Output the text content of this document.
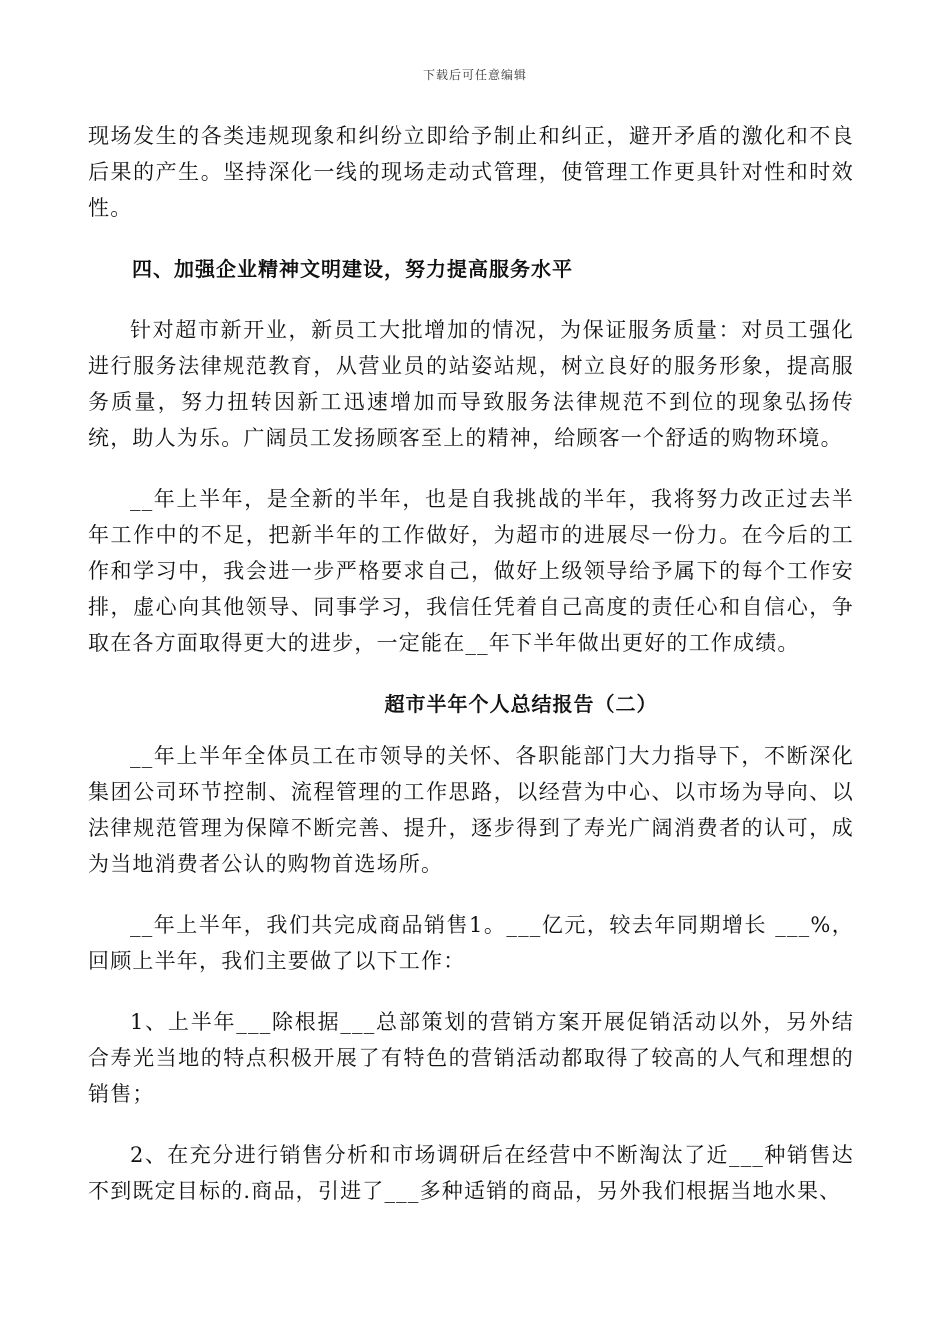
下载后可任意编辑

现场发生的各类违规现象和纠纷立即给予制止和纠正，避开矛盾的激化和不良后果的产生。坚持深化一线的现场走动式管理，使管理工作更具针对性和时效性。

四、加强企业精神文明建设，努力提高服务水平

针对超市新开业，新员工大批增加的情况，为保证服务质量：对员工强化进行服务法律规范教育，从营业员的站姿站规，树立良好的服务形象，提高服务质量，努力扭转因新工迅速增加而导致服务法律规范不到位的现象弘扬传统，助人为乐。广阔员工发扬顾客至上的精神，给顾客一个舒适的购物环境。

__年上半年，是全新的半年，也是自我挑战的半年，我将努力改正过去半年工作中的不足，把新半年的工作做好，为超市的进展尽一份力。在今后的工作和学习中，我会进一步严格要求自己，做好上级领导给予属下的每个工作安排，虚心向其他领导、同事学习，我信任凭着自己高度的责任心和自信心，争取在各方面取得更大的进步，一定能在__年下半年做出更好的工作成绩。

超市半年个人总结报告（二）

__年上半年全体员工在市领导的关怀、各职能部门大力指导下，不断深化集团公司环节控制、流程管理的工作思路，以经营为中心、以市场为导向、以法律规范管理为保障不断完善、提升，逐步得到了寿光广阔消费者的认可，成为当地消费者公认的购物首选场所。

__年上半年，我们共完成商品销售1。___亿元，较去年同期增长 ___%，回顾上半年，我们主要做了以下工作：

1、上半年___除根据___总部策划的营销方案开展促销活动以外，另外结合寿光当地的特点积极开展了有特色的营销活动都取得了较高的人气和理想的销售；

2、在充分进行销售分析和市场调研后在经营中不断淘汰了近___种销售达不到既定目标的.商品，引进了___多种适销的商品，另外我们根据当地水果、
